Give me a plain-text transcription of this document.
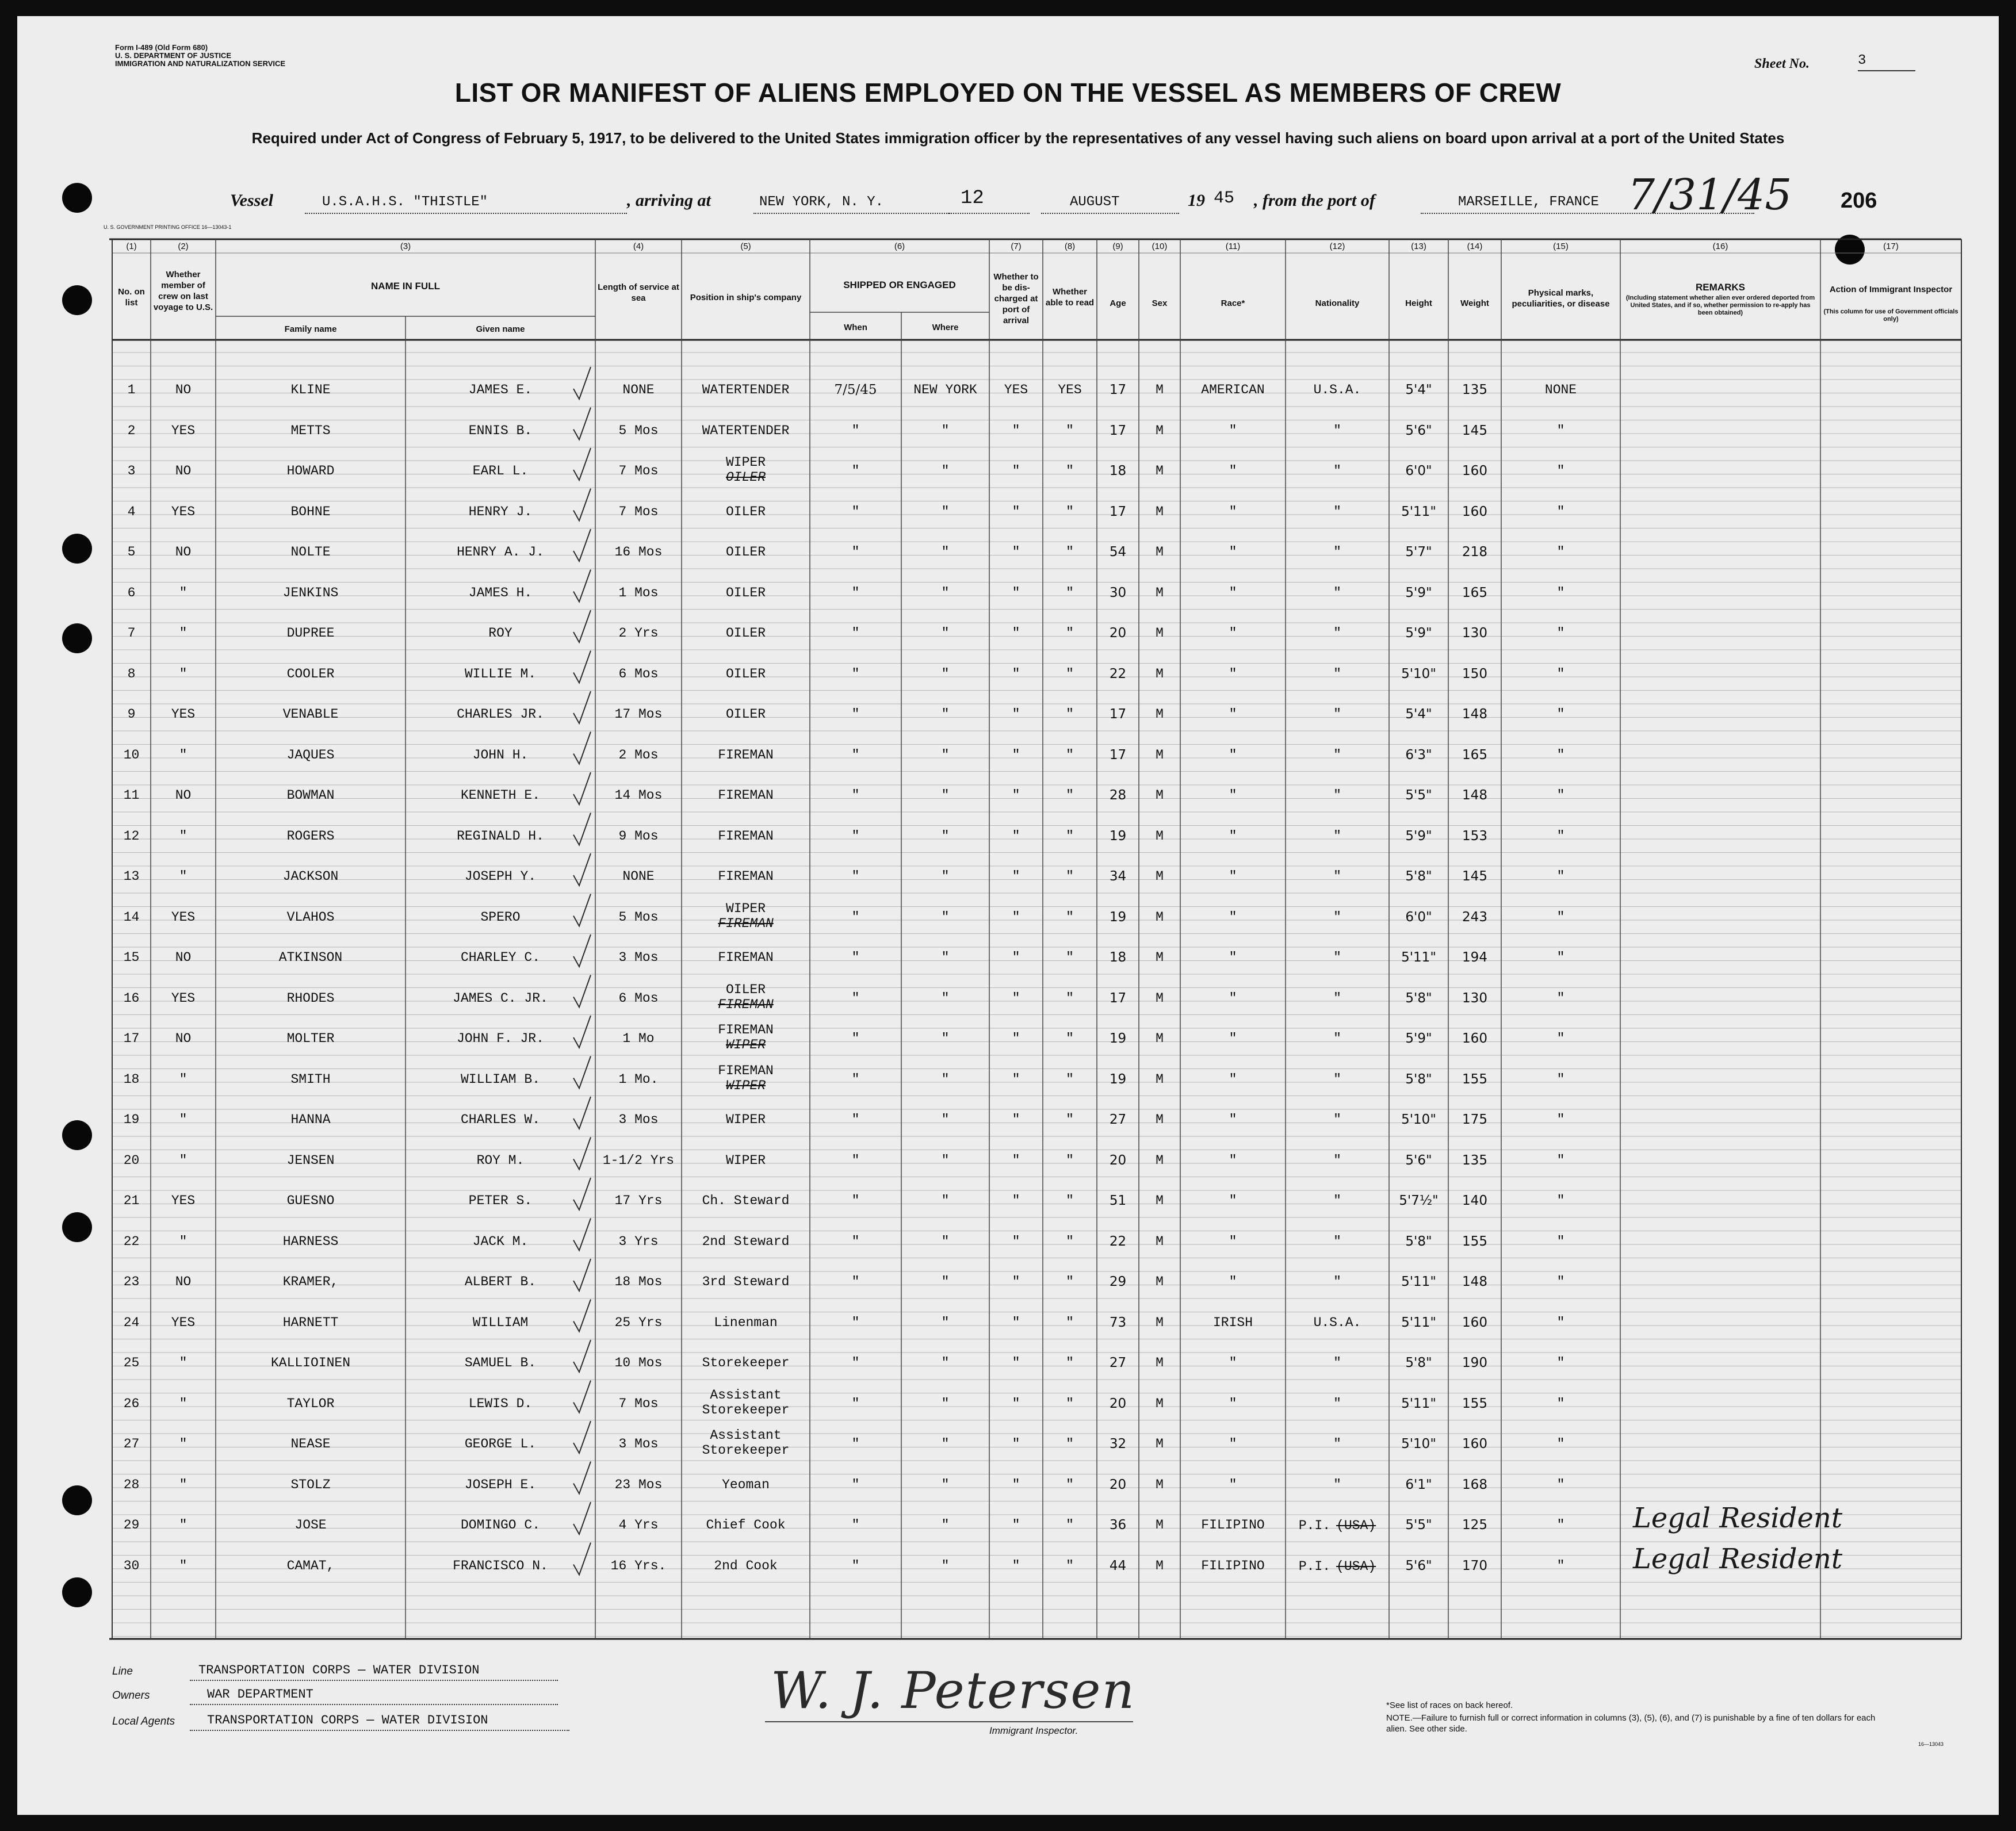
Form I-489 (Old Form 680)
U. S. DEPARTMENT OF JUSTICE
IMMIGRATION AND NATURALIZATION SERVICE	Sheet No.	3
LIST OR MANIFEST OF ALIENS EMPLOYED ON THE VESSEL AS MEMBERS OF CREW
Required under Act of Congress of February 5, 1917, to be delivered to the United States immigration officer by the representatives of any vessel having such aliens on board upon arrival at a port of the United States
Vessel	U.S.A.H.S. "THISTLE"	, arriving at	NEW YORK, N. Y.	12	AUGUST	19 45 , from the port of	MARSEILLE, FRANCE 7/31/45 206
U. S. GOVERNMENT PRINTING OFFICE 16—13043-1
(1)	(2)	(3)	(4)	(5)	(6)	(7)	(8)	(9)	(10)	(11)	(12)	(13)	(14)	(15)	(16)	(17)
No. on list
Whether member of crew on last voyage to U.S.
NAME IN FULL
Family name	Given name
Length of service at sea	Position in ship's company
SHIPPED OR ENGAGED
When	Where
Whether to be dis-charged at port of arrival
Whether able to read	Age	Sex	Race*	Nationality	Height	Weight
Physical marks, peculiarities, or disease
REMARKS
(Including statement whether alien ever ordered deported from United States, and if so, whether permission to re-apply has been obtained)
Action of Immigrant Inspector
(This column for use of Government officials only)
1	NO	KLINE	JAMES E.	NONE	WATERTENDER	7/5/45	NEW YORK	YES	YES	17	M	AMERICAN	U.S.A.	5'4"	135	NONE
2	YES	METTS	ENNIS B.	5 Mos	WATERTENDER	"	"	"	"	17	M	"	"	5'6"	145	"
3	NO	HOWARD	EARL L.	7 Mos
WIPER
OILER	"	"	"	"	18	M	"	"	6'0"	160	"
4	YES	BOHNE	HENRY J.	7 Mos	OILER	"	"	"	"	17	M	"	"	5'11"	160	"
5	NO	NOLTE	HENRY A. J.	16 Mos	OILER	"	"	"	"	54	M	"	"	5'7"	218	"
6	"	JENKINS	JAMES H.	1 Mos	OILER	"	"	"	"	30	M	"	"	5'9"	165	"
7	"	DUPREE	ROY	2 Yrs	OILER	"	"	"	"	20	M	"	"	5'9"	130	"
8	"	COOLER	WILLIE M.	6 Mos	OILER	"	"	"	"	22	M	"	"	5'10"	150	"
9	YES	VENABLE	CHARLES JR.	17 Mos	OILER	"	"	"	"	17	M	"	"	5'4"	148	"
10	"	JAQUES	JOHN H.	2 Mos	FIREMAN	"	"	"	"	17	M	"	"	6'3"	165	"
11	NO	BOWMAN	KENNETH E.	14 Mos	FIREMAN	"	"	"	"	28	M	"	"	5'5"	148	"
12	"	ROGERS	REGINALD H.	9 Mos	FIREMAN	"	"	"	"	19	M	"	"	5'9"	153	"
13	"	JACKSON	JOSEPH Y.	NONE	FIREMAN	"	"	"	"	34	M	"	"	5'8"	145	"
14	YES	VLAHOS	SPERO	5 Mos
WIPER
FIREMAN	"	"	"	"	19	M	"	"	6'0"	243	"
15	NO	ATKINSON	CHARLEY C.	3 Mos	FIREMAN	"	"	"	"	18	M	"	"	5'11"	194	"
16	YES	RHODES	JAMES C. JR.	6 Mos
OILER
FIREMAN	"	"	"	"	17	M	"	"	5'8"	130	"
17	NO	MOLTER	JOHN F. JR.	1 Mo
FIREMAN
WIPER	"	"	"	"	19	M	"	"	5'9"	160	"
18	"	SMITH	WILLIAM B.	1 Mo.
FIREMAN
WIPER	"	"	"	"	19	M	"	"	5'8"	155	"
19	"	HANNA	CHARLES W.	3 Mos	WIPER	"	"	"	"	27	M	"	"	5'10"	175	"
20	"	JENSEN	ROY M.	1-1/2 Yrs	WIPER	"	"	"	"	20	M	"	"	5'6"	135	"
21	YES	GUESNO	PETER S.	17 Yrs	Ch. Steward	"	"	"	"	51	M	"	"	5'7½"	140	"
22	"	HARNESS	JACK M.	3 Yrs	2nd Steward	"	"	"	"	22	M	"	"	5'8"	155	"
23	NO	KRAMER,	ALBERT B.	18 Mos	3rd Steward	"	"	"	"	29	M	"	"	5'11"	148	"
24	YES	HARNETT	WILLIAM	25 Yrs	Linenman	"	"	"	"	73	M	IRISH	U.S.A.	5'11"	160	"
25	"	KALLIOINEN	SAMUEL B.	10 Mos	Storekeeper	"	"	"	"	27	M	"	"	5'8"	190	"
26	"	TAYLOR	LEWIS D.	7 Mos
Assistant
Storekeeper	"	"	"	"	20	M	"	"	5'11"	155	"
27	"	NEASE	GEORGE L.	3 Mos
Assistant
Storekeeper	"	"	"	"	32	M	"	"	5'10"	160	"
28	"	STOLZ	JOSEPH E.	23 Mos	Yeoman	"	"	"	"	20	M	"	"	6'1"	168	"
29	"	JOSE	DOMINGO C.	4 Yrs	Chief Cook	"	"	"	"	36	M	FILIPINO	P.I. (USA)	5'5"	125	"	Legal Resident
30	"	CAMAT,	FRANCISCO N.	16 Yrs.	2nd Cook	"	"	"	"	44	M	FILIPINO	P.I. (USA)	5'6"	170	"	Legal Resident
Line	TRANSPORTATION CORPS — WATER DIVISION
Owners	WAR DEPARTMENT
Local Agents	TRANSPORTATION CORPS — WATER DIVISION
W. J. Petersen
Immigrant Inspector.
*See list of races on back hereof.
NOTE.—Failure to furnish full or correct information in columns (3), (5), (6), and (7) is punishable by a fine of ten dollars for each alien. See other side.
16—13043
